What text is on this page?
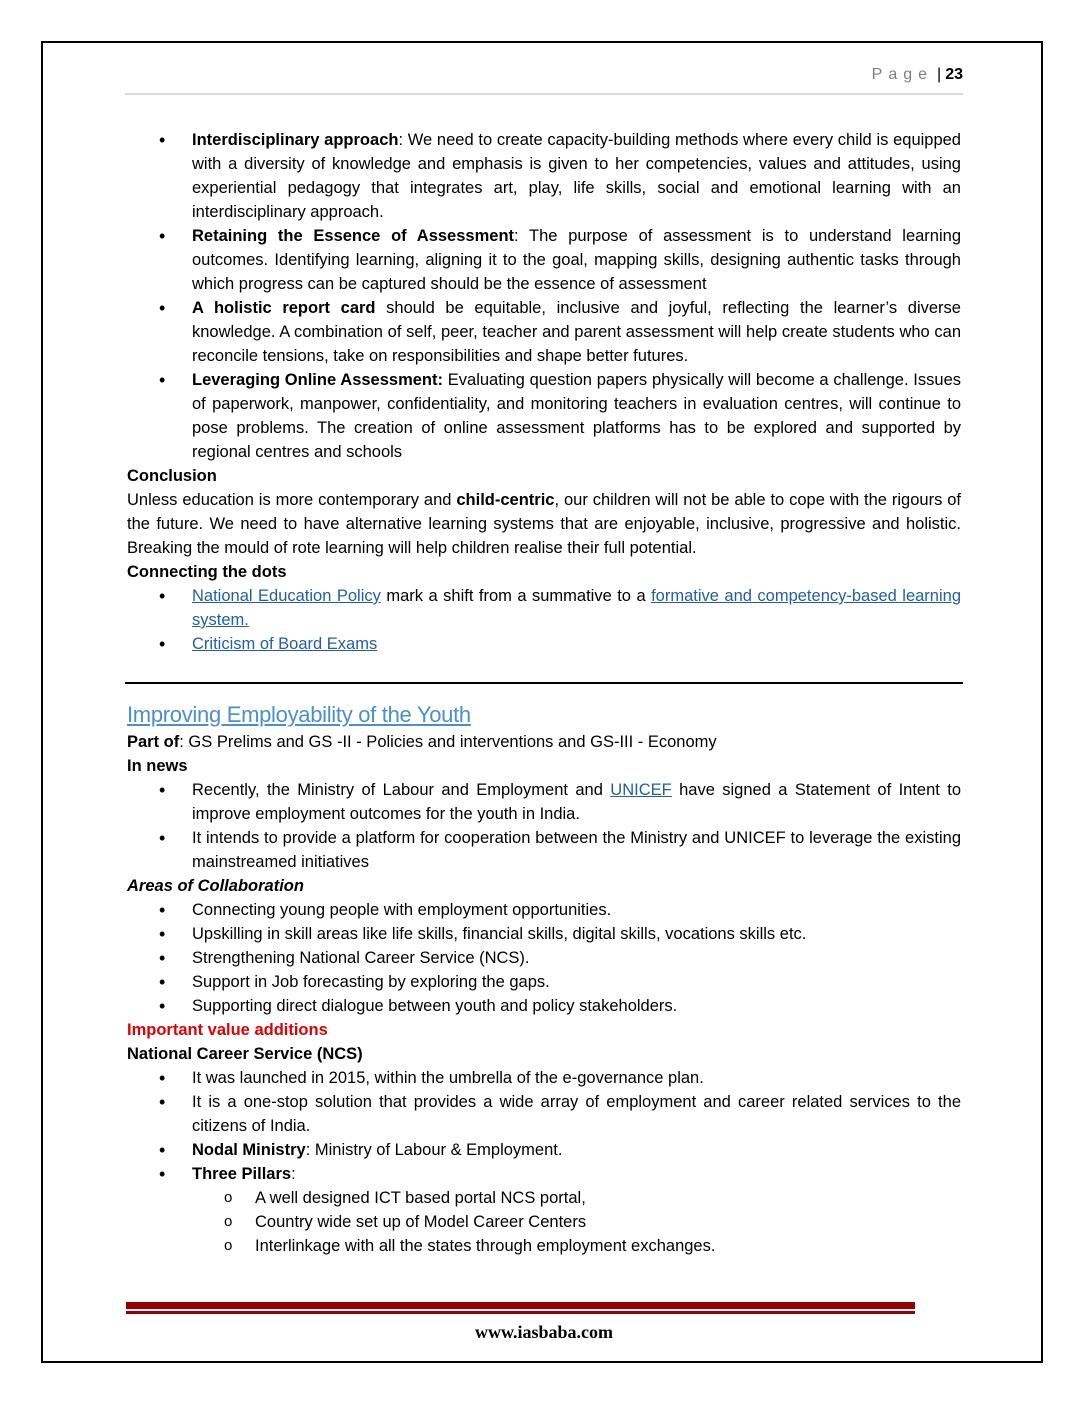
Page | 23
• Interdisciplinary approach: We need to create capacity-building methods where every child is equipped with a diversity of knowledge and emphasis is given to her competencies, values and attitudes, using experiential pedagogy that integrates art, play, life skills, social and emotional learning with an interdisciplinary approach.
• Retaining the Essence of Assessment: The purpose of assessment is to understand learning outcomes. Identifying learning, aligning it to the goal, mapping skills, designing authentic tasks through which progress can be captured should be the essence of assessment
• A holistic report card should be equitable, inclusive and joyful, reflecting the learner’s diverse knowledge. A combination of self, peer, teacher and parent assessment will help create students who can reconcile tensions, take on responsibilities and shape better futures.
• Leveraging Online Assessment: Evaluating question papers physically will become a challenge. Issues of paperwork, manpower, confidentiality, and monitoring teachers in evaluation centres, will continue to pose problems. The creation of online assessment platforms has to be explored and supported by regional centres and schools

Conclusion

Unless education is more contemporary and child-centric, our children will not be able to cope with the rigours of the future. We need to have alternative learning systems that are enjoyable, inclusive, progressive and holistic. Breaking the mould of rote learning will help children realise their full potential.

Connecting the dots

• National Education Policy mark a shift from a summative to a formative and competency-based learning system.
• Criticism of Board Exams
Improving Employability of the Youth

Part of: GS Prelims and GS -II - Policies and interventions and GS-III - Economy

In news

• Recently, the Ministry of Labour and Employment and UNICEF have signed a Statement of Intent to improve employment outcomes for the youth in India.
• It intends to provide a platform for cooperation between the Ministry and UNICEF to leverage the existing mainstreamed initiatives

Areas of Collaboration

• Connecting young people with employment opportunities.
• Upskilling in skill areas like life skills, financial skills, digital skills, vocations skills etc.
• Strengthening National Career Service (NCS).
• Support in Job forecasting by exploring the gaps.
• Supporting direct dialogue between youth and policy stakeholders.

Important value additions

National Career Service (NCS)

• It was launched in 2015, within the umbrella of the e-governance plan.
• It is a one-stop solution that provides a wide array of employment and career related services to the citizens of India.
• Nodal Ministry: Ministry of Labour & Employment.
• Three Pillars:
o A well designed ICT based portal NCS portal,
o Country wide set up of Model Career Centers
o Interlinkage with all the states through employment exchanges.
www.iasbaba.com
